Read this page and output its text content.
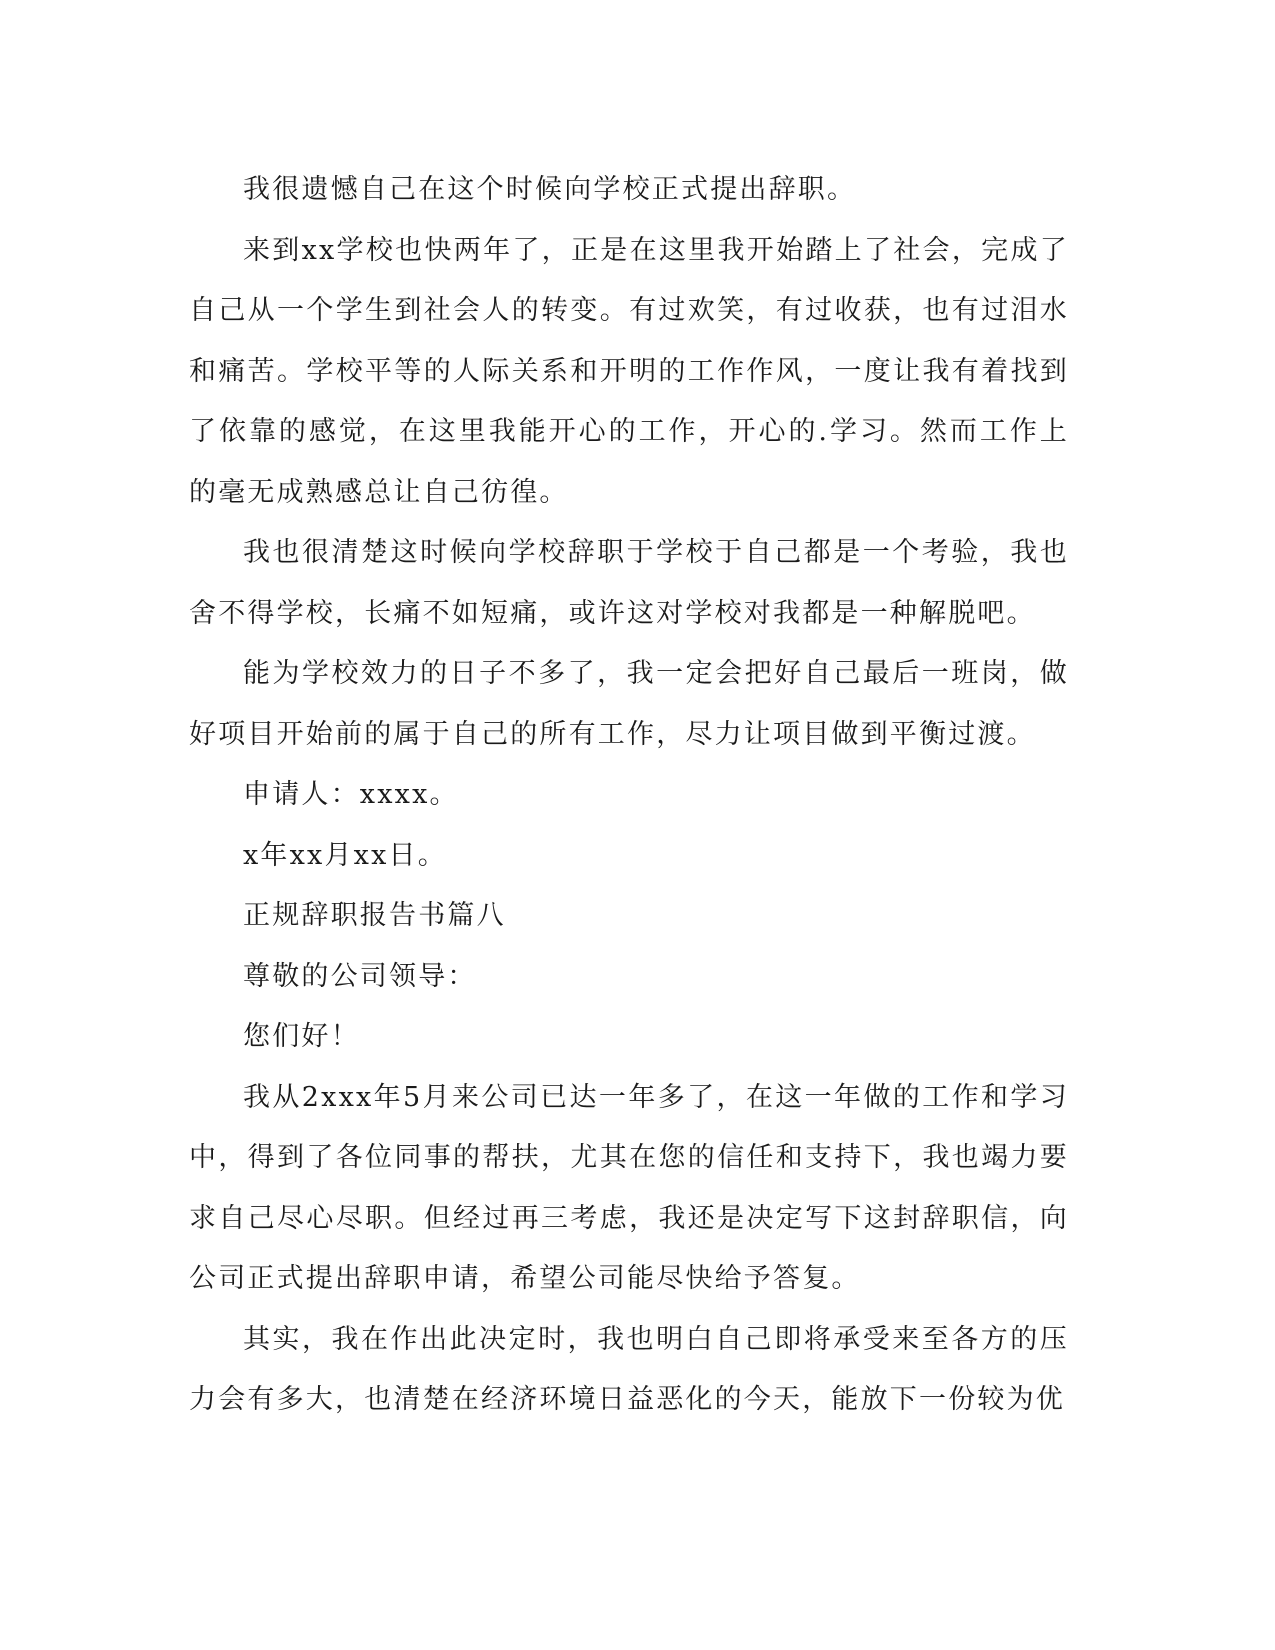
我很遗憾自己在这个时候向学校正式提出辞职。

来到xx学校也快两年了，正是在这里我开始踏上了社会，完成了自己从一个学生到社会人的转变。有过欢笑，有过收获，也有过泪水和痛苦。学校平等的人际关系和开明的工作作风，一度让我有着找到了依靠的感觉，在这里我能开心的工作，开心的.学习。然而工作上的毫无成熟感总让自己彷徨。

我也很清楚这时候向学校辞职于学校于自己都是一个考验，我也舍不得学校，长痛不如短痛，或许这对学校对我都是一种解脱吧。

能为学校效力的日子不多了，我一定会把好自己最后一班岗，做好项目开始前的属于自己的所有工作，尽力让项目做到平衡过渡。

申请人：xxxx。

x年xx月xx日。

正规辞职报告书篇八

尊敬的公司领导：

您们好！

我从2xxx年5月来公司已达一年多了，在这一年做的工作和学习中，得到了各位同事的帮扶，尤其在您的信任和支持下，我也竭力要求自己尽心尽职。但经过再三考虑，我还是决定写下这封辞职信，向公司正式提出辞职申请，希望公司能尽快给予答复。

其实，我在作出此决定时，我也明白自己即将承受来至各方的压力会有多大，也清楚在经济环境日益恶化的今天，能放下一份较为优
